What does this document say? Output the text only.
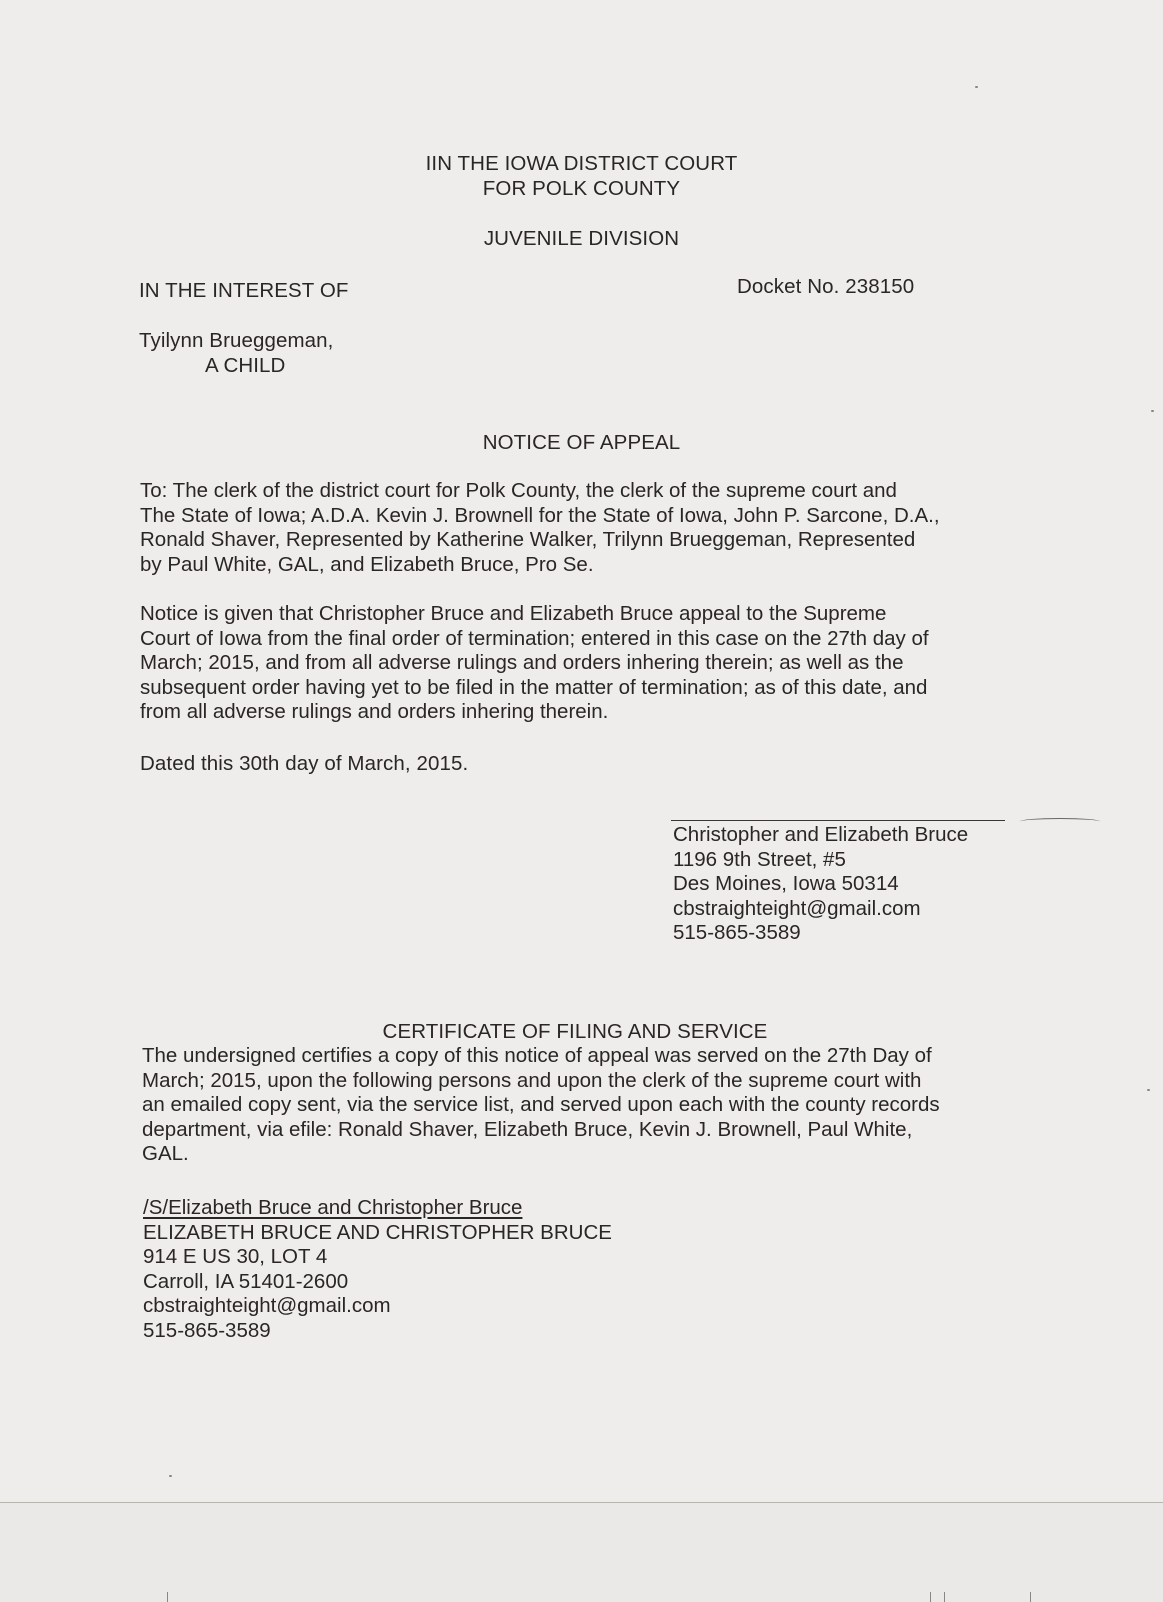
IIN THE IOWA DISTRICT COURT
FOR POLK COUNTY
JUVENILE DIVISION
IN THE INTEREST OF	Docket No. 238150
Tyilynn Brueggeman,
A CHILD
NOTICE OF APPEAL
To: The clerk of the district court for Polk County, the clerk of the supreme court and
The State of Iowa; A.D.A. Kevin J. Brownell for the State of Iowa, John P. Sarcone, D.A.,
Ronald Shaver, Represented by Katherine Walker, Trilynn Brueggeman, Represented
by Paul White, GAL, and Elizabeth Bruce, Pro Se.
Notice is given that Christopher Bruce and Elizabeth Bruce appeal to the Supreme
Court of Iowa from the final order of termination; entered in this case on the 27th day of
March; 2015, and from all adverse rulings and orders inhering therein; as well as the
subsequent order having yet to be filed in the matter of termination; as of this date, and
from all adverse rulings and orders inhering therein.
Dated this 30th day of March, 2015.
Christopher and Elizabeth Bruce
1196 9th Street, #5
Des Moines, Iowa 50314
cbstraighteight@gmail.com
515-865-3589
CERTIFICATE OF FILING AND SERVICE
The undersigned certifies a copy of this notice of appeal was served on the 27th Day of
March; 2015, upon the following persons and upon the clerk of the supreme court with
an emailed copy sent, via the service list, and served upon each with the county records
department, via efile: Ronald Shaver, Elizabeth Bruce, Kevin J. Brownell, Paul White,
GAL.
/S/Elizabeth Bruce and Christopher Bruce
ELIZABETH BRUCE AND CHRISTOPHER BRUCE
914 E US 30, LOT 4
Carroll, IA 51401-2600
cbstraighteight@gmail.com
515-865-3589
